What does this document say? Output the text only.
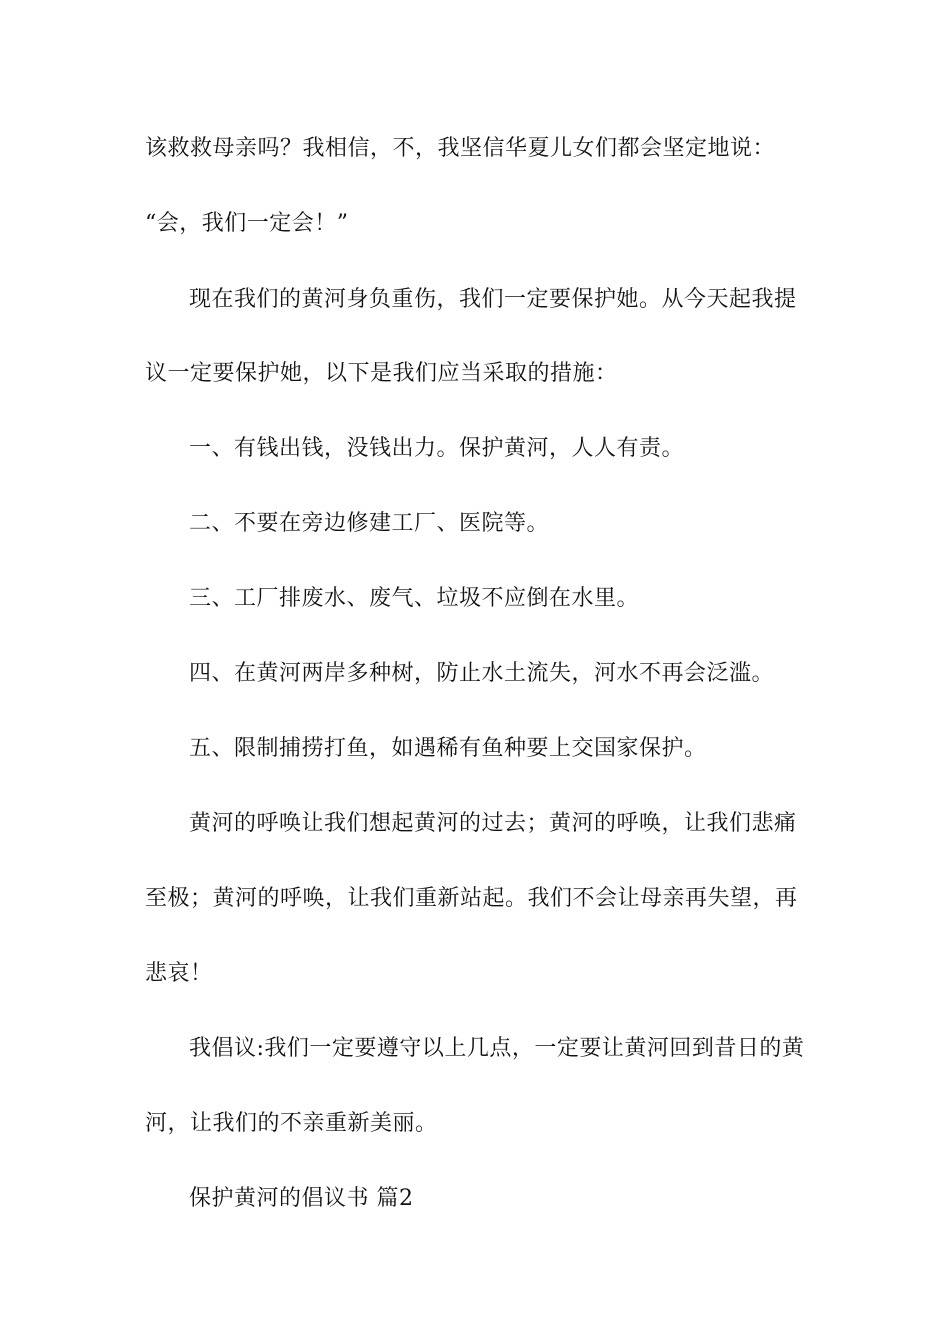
该救救母亲吗？我相信，不，我坚信华夏儿女们都会坚定地说：
“会，我们一定会！”
现在我们的黄河身负重伤，我们一定要保护她。从今天起我提
议一定要保护她，以下是我们应当采取的措施：
一、有钱出钱，没钱出力。保护黄河，人人有责。
二、不要在旁边修建工厂、医院等。
三、工厂排废水、废气、垃圾不应倒在水里。
四、在黄河两岸多种树，防止水土流失，河水不再会泛滥。
五、限制捕捞打鱼，如遇稀有鱼种要上交国家保护。
黄河的呼唤让我们想起黄河的过去；黄河的呼唤，让我们悲痛
至极；黄河的呼唤，让我们重新站起。我们不会让母亲再失望，再
悲哀！
我倡议:我们一定要遵守以上几点，一定要让黄河回到昔日的黄
河，让我们的不亲重新美丽。
保护黄河的倡议书 篇2
